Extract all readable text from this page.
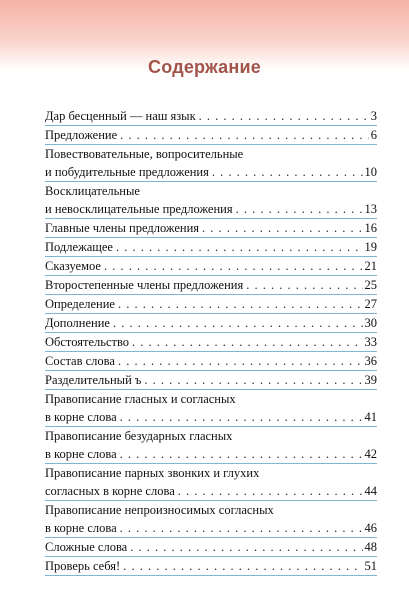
Содержание
Дар бесценный — наш язык . . .	3
Предложение . . .	6
Повествовательные, вопросительные
и побудительные предложения . . .	10
Восклицательные
и невосклицательные предложения . . .	13
Главные члены предложения . . .	16
Подлежащее . . .	19
Сказуемое . . .	21
Второстепенные члены предложения . . .	25
Определение . . .	27
Дополнение . . .	30
Обстоятельство . . .	33
Состав слова . . .	36
Разделительный ъ . . .	39
Правописание гласных и согласных
в корне слова . . .	41
Правописание безударных гласных
в корне слова . . .	42
Правописание парных звонких и глухих
согласных в корне слова . . .	44
Правописание непроизносимых согласных
в корне слова . . .	46
Сложные слова . . .	48
Проверь себя! . . .	51
